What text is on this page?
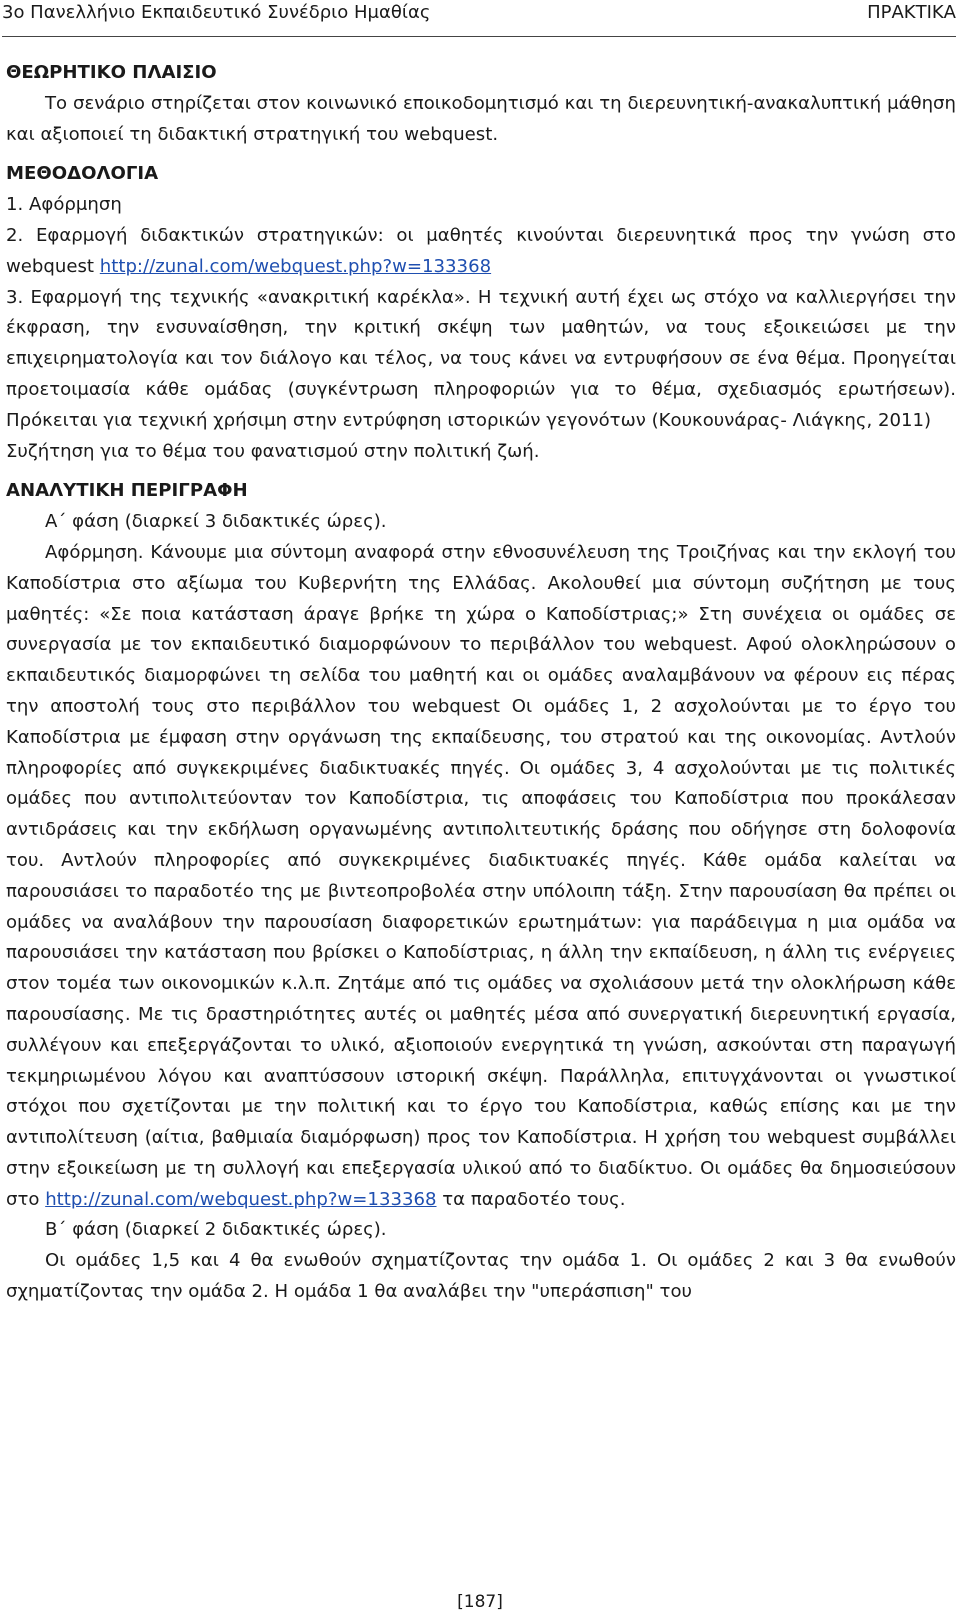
3ο Πανελλήνιο Εκπαιδευτικό Συνέδριο Ημαθίας	ΠΡΑΚΤΙΚΑ

ΘΕΩΡΗΤΙΚΟ ΠΛΑΙΣΙΟ

Το σενάριο στηρίζεται στον κοινωνικό εποικοδομητισμό και τη διερευνητική-ανακαλυπτική μάθηση και αξιοποιεί τη διδακτική στρατηγική του webquest.

ΜΕΘΟΔΟΛΟΓΙΑ

1. Αφόρμηση

2. Εφαρμογή διδακτικών στρατηγικών: οι μαθητές κινούνται διερευνητικά προς την γνώση στο webquest http://zunal.com/webquest.php?w=133368

3. Εφαρμογή της τεχνικής «ανακριτική καρέκλα». Η τεχνική αυτή έχει ως στόχο να καλλιεργήσει την έκφραση, την ενσυναίσθηση, την κριτική σκέψη των μαθητών, να τους εξοικειώσει με την επιχειρηματολογία και τον διάλογο και τέλος, να τους κάνει να εντρυφήσουν σε ένα θέμα. Προηγείται προετοιμασία κάθε ομάδας (συγκέντρωση πληροφοριών για το θέμα, σχεδιασμός ερωτήσεων). Πρόκειται για τεχνική χρήσιμη στην εντρύφηση ιστορικών γεγονότων (Κουκουνάρας- Λιάγκης, 2011)

Συζήτηση για το θέμα του φανατισμού στην πολιτική ζωή.

ΑΝΑΛΥΤΙΚΗ ΠΕΡΙΓΡΑΦΗ

Α΄ φάση (διαρκεί 3 διδακτικές ώρες).

Αφόρμηση. Κάνουμε μια σύντομη αναφορά στην εθνοσυνέλευση της Τροιζήνας και την εκλογή του Καποδίστρια στο αξίωμα του Κυβερνήτη της Ελλάδας. Ακολουθεί μια σύντομη συζήτηση με τους μαθητές: «Σε ποια κατάσταση άραγε βρήκε τη χώρα ο Καποδίστριας;» Στη συνέχεια οι ομάδες σε συνεργασία με τον εκπαιδευτικό διαμορφώνουν το περιβάλλον του webquest. Αφού ολοκληρώσουν ο εκπαιδευτικός διαμορφώνει τη σελίδα του μαθητή και οι ομάδες αναλαμβάνουν να φέρουν εις πέρας την αποστολή τους στο περιβάλλον του webquest Οι ομάδες 1, 2 ασχολούνται με το έργο του Καποδίστρια με έμφαση στην οργάνωση της εκπαίδευσης, του στρατού και της οικονομίας. Αντλούν πληροφορίες από συγκεκριμένες διαδικτυακές πηγές. Οι ομάδες 3, 4 ασχολούνται με τις πολιτικές ομάδες που αντιπολιτεύονταν τον Καποδίστρια, τις αποφάσεις του Καποδίστρια που προκάλεσαν αντιδράσεις και την εκδήλωση οργανωμένης αντιπολιτευτικής δράσης που οδήγησε στη δολοφονία του. Αντλούν πληροφορίες από συγκεκριμένες διαδικτυακές πηγές. Κάθε ομάδα καλείται να παρουσιάσει το παραδοτέο της με βιντεοπροβολέα στην υπόλοιπη τάξη. Στην παρουσίαση θα πρέπει οι ομάδες να αναλάβουν την παρουσίαση διαφορετικών ερωτημάτων: για παράδειγμα η μια ομάδα να παρουσιάσει την κατάσταση που βρίσκει ο Καποδίστριας, η άλλη την εκπαίδευση, η άλλη τις ενέργειες στον τομέα των οικονομικών κ.λ.π. Ζητάμε από τις ομάδες να σχολιάσουν μετά την ολοκλήρωση κάθε παρουσίασης. Με τις δραστηριότητες αυτές οι μαθητές μέσα από συνεργατική διερευνητική εργασία, συλλέγουν και επεξεργάζονται το υλικό, αξιοποιούν ενεργητικά τη γνώση, ασκούνται στη παραγωγή τεκμηριωμένου λόγου και αναπτύσσουν ιστορική σκέψη. Παράλληλα, επιτυγχάνονται οι γνωστικοί στόχοι που σχετίζονται με την πολιτική και το έργο του Καποδίστρια, καθώς επίσης και με την αντιπολίτευση (αίτια, βαθμιαία διαμόρφωση) προς τον Καποδίστρια. Η χρήση του webquest συμβάλλει στην εξοικείωση με τη συλλογή και επεξεργασία υλικού από το διαδίκτυο. Οι ομάδες θα δημοσιεύσουν στο http://zunal.com/webquest.php?w=133368 τα παραδοτέο τους.

Β΄ φάση (διαρκεί 2 διδακτικές ώρες).

Οι ομάδες 1,5 και 4 θα ενωθούν σχηματίζοντας την ομάδα 1. Οι ομάδες 2 και 3 θα ενωθούν σχηματίζοντας την ομάδα 2. Η ομάδα 1 θα αναλάβει την "υπεράσπιση" του

[187]
